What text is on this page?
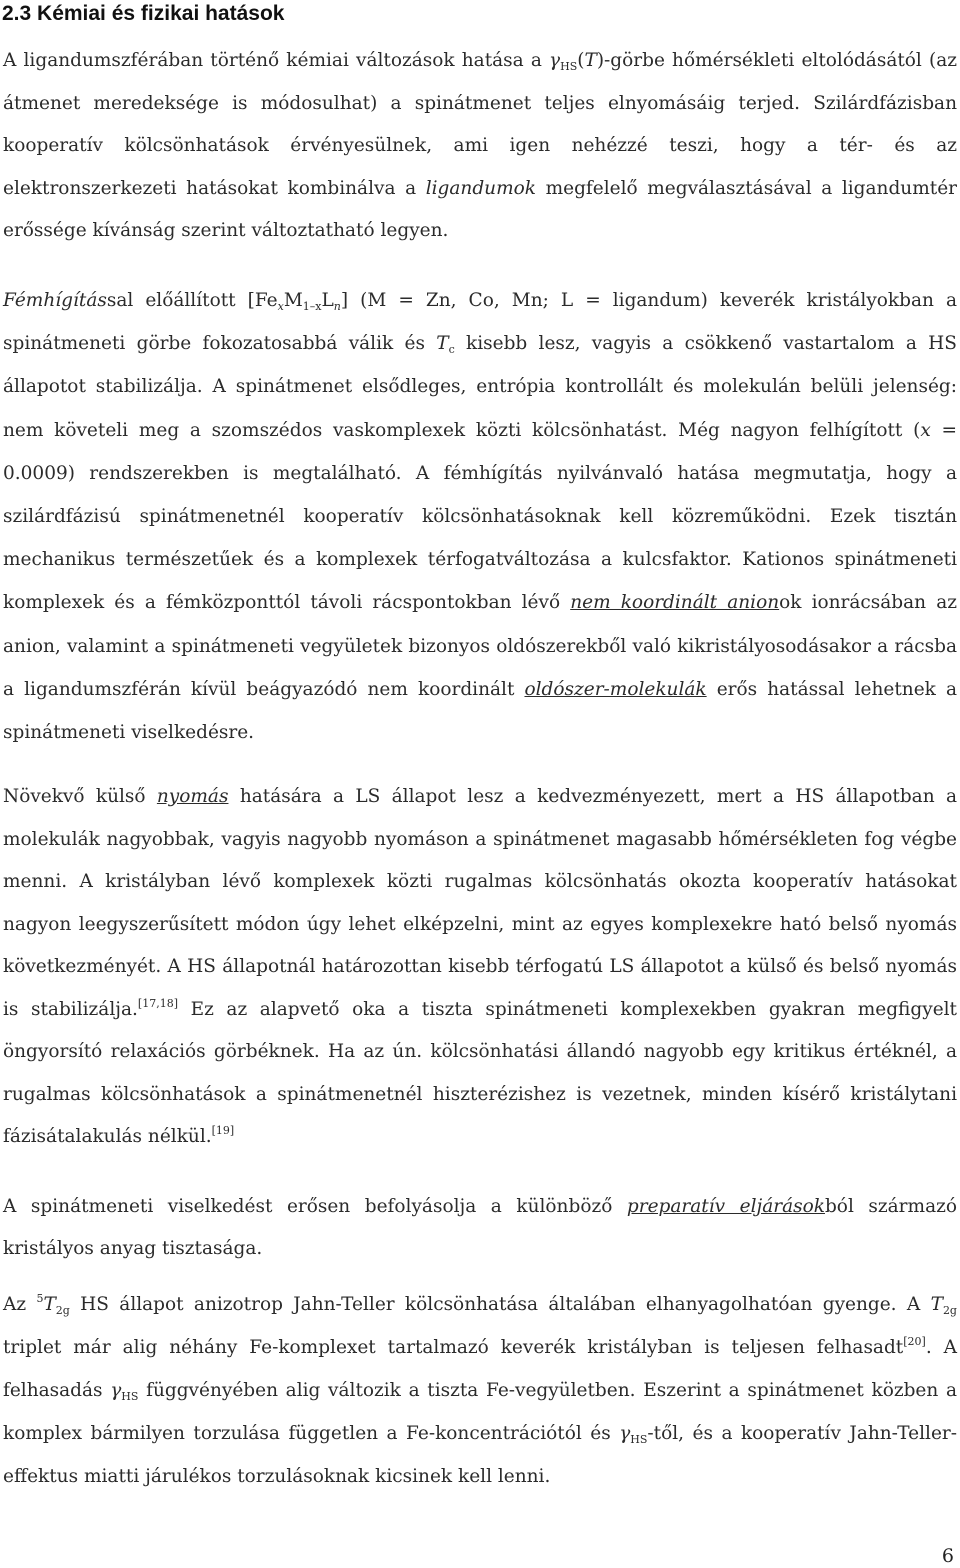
2.3 Kémiai és fizikai hatások

A ligandumszférában történő kémiai változások hatása a $\gamma_{HS}(T)$-görbe hőmérsékleti eltolódásától (az átmenet meredeksége is módosulhat) a spinátmenet teljes elnyomásáig terjed. Szilárdfázisban kooperatív kölcsönhatások érvényesülnek, ami igen nehézzé teszi, hogy a tér- és az elektronszerkezeti hatásokat kombinálva a ligandumok megfelelő megválasztásával a ligandumtér erőssége kívánság szerint változtatható legyen.

Fémhígítással előállított $[Fe_xM_{1-x}L_n] (M = Zn$, Co, Mn; L = ligandum) keverék kristályokban a spinátmeneti görbe fokozatosabbá válik és $T_c$ kisebb lesz, vagyis a csökkenő vastartalom a HS állapotot stabilizálja. A spinátmenet elsődleges, entrópia kontrollált és molekulán belüli jelenség: nem követeli meg a szomszédos vaskomplexek közti kölcsönhatást. Még nagyon felhígított (x = 0.0009) rendszerekben is megtalálható. A fémhígítás nyilvánvaló hatása megmutatja, hogy a szilárdfázisú spinátmenetnél kooperatív kölcsönhatásoknak kell közreműködni. Ezek tisztán mechanikus természetűek és a komplexek térfogatváltozása a kulcsfaktor. Kationos spinátmeneti komplexek és a fémközponttól távoli rácspontokban lévő nem koordinált anionok ionrácsában az anion, valamint a spinátmeneti vegyületek bizonyos oldószerekből való kikristályosodásakor a rácsba a ligandumszférán kívül beágyazódó nem koordinált oldószer-molekulák erős hatással lehetnek a spinátmeneti viselkedésre.

Növekvő külső nyomás hatására a LS állapot lesz a kedvezményezett, mert a HS állapotban a molekulák nagyobbak, vagyis nagyobb nyomáson a spinátmenet magasabb hőmérsékleten fog végbe menni. A kristályban lévő komplexek közti rugalmas kölcsönhatás okozta kooperatív hatásokat nagyon leegyszerűsített módon úgy lehet elképzelni, mint az egyes komplexekre ható belső nyomás következményét. A HS állapotnál határozottan kisebb térfogatú LS állapotot a külső és belső nyomás is stabilizálja.[17,18] Ez az alapvető oka a tiszta spinátmeneti komplexekben gyakran megfigyelt öngyorsító relaxációs görbéknek. Ha az ún. kölcsönhatási állandó nagyobb egy kritikus értéknél, a rugalmas kölcsönhatások a spinátmenetnél hiszterézishez is vezetnek, minden kísérő kristálytani fázisátalakulás nélkül.[19]

A spinátmeneti viselkedést erősen befolyásolja a különböző preparatív eljárásokból származó kristályos anyag tisztasága.

Az $^5T_{2g}$ HS állapot anizotrop Jahn-Teller kölcsönhatása általában elhanyagolhatóan gyenge. A $T_{2g}$ triplet már alig néhány Fe-komplexet tartalmazó keverék kristályban is teljesen felhasadt[20]. A felhasadás $\gamma_{HS}$ függvényében alig változik a tiszta Fe-vegyületben. Eszerint a spinátmenet közben a komplex bármilyen torzulása független a Fe-koncentrációtól és $\gamma_{HS}$-től, és a kooperatív Jahn-Teller-effektus miatti járulékos torzulásoknak kicsinek kell lenni.

6
